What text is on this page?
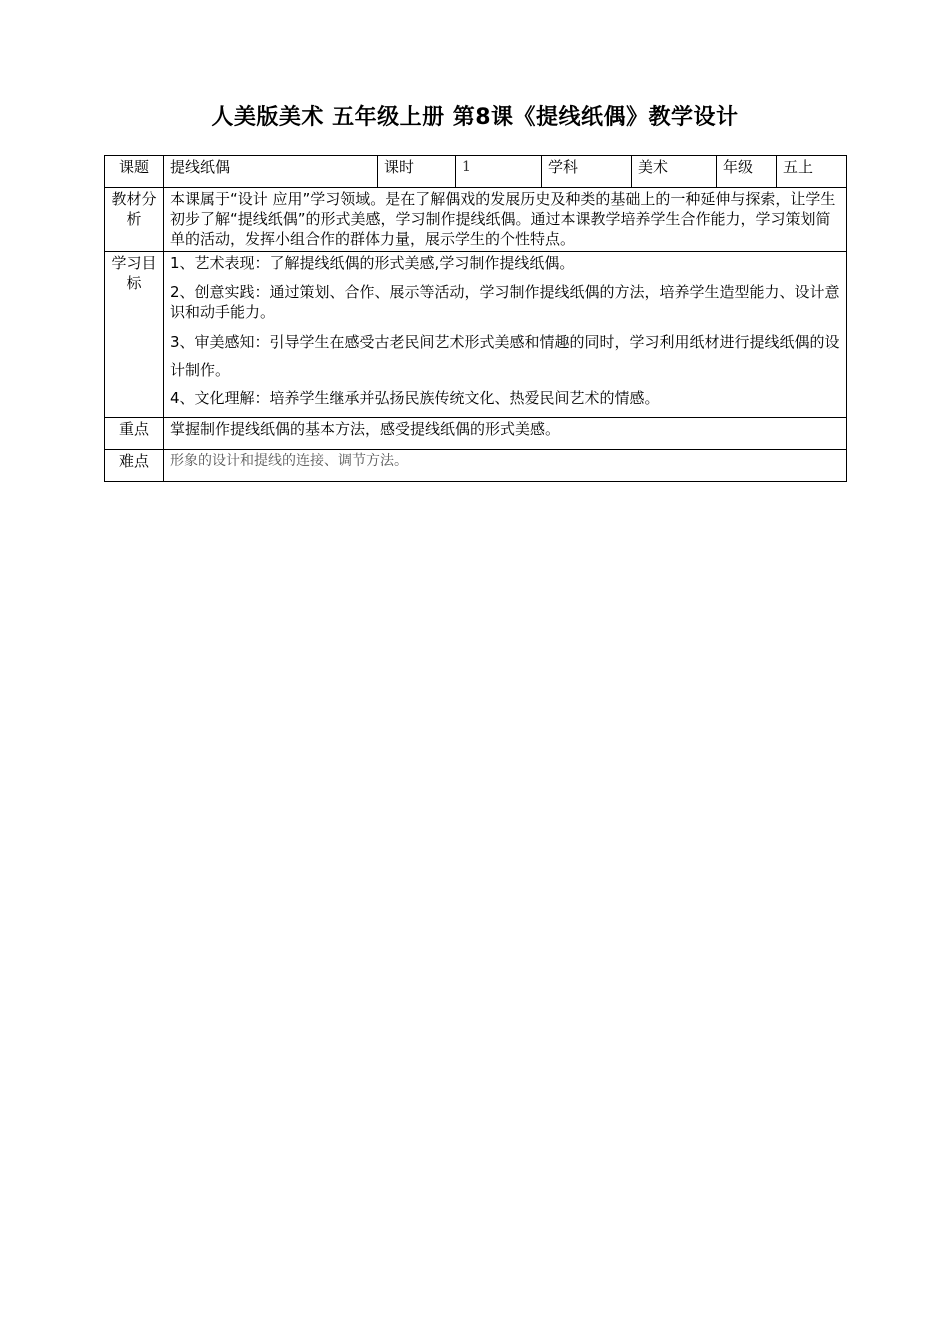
人美版美术 五年级上册 第8课《提线纸偶》教学设计
课题	提线纸偶	课时	1	学科	美术	年级	五上
教材分析	本课属于“设计 应用”学习领域。是在了解偶戏的发展历史及种类的基础上的一种延伸与探索，让学生初步了解“提线纸偶”的形式美感，学习制作提线纸偶。通过本课教学培养学生合作能力，学习策划简单的活动，发挥小组合作的群体力量，展示学生的个性特点。						
学习目标	1、艺术表现：了解提线纸偶的形式美感,学习制作提线纸偶。
2、创意实践：通过策划、合作、展示等活动，学习制作提线纸偶的方法，培养学生造型能力、设计意识和动手能力。
3、审美感知：引导学生在感受古老民间艺术形式美感和情趣的同时，学习利用纸材进行提线纸偶的设计制作。
4、文化理解：培养学生继承并弘扬民族传统文化、热爱民间艺术的情感。						

重点	掌握制作提线纸偶的基本方法，感受提线纸偶的形式美感。						
难点	形象的设计和提线的连接、调节方法。						
